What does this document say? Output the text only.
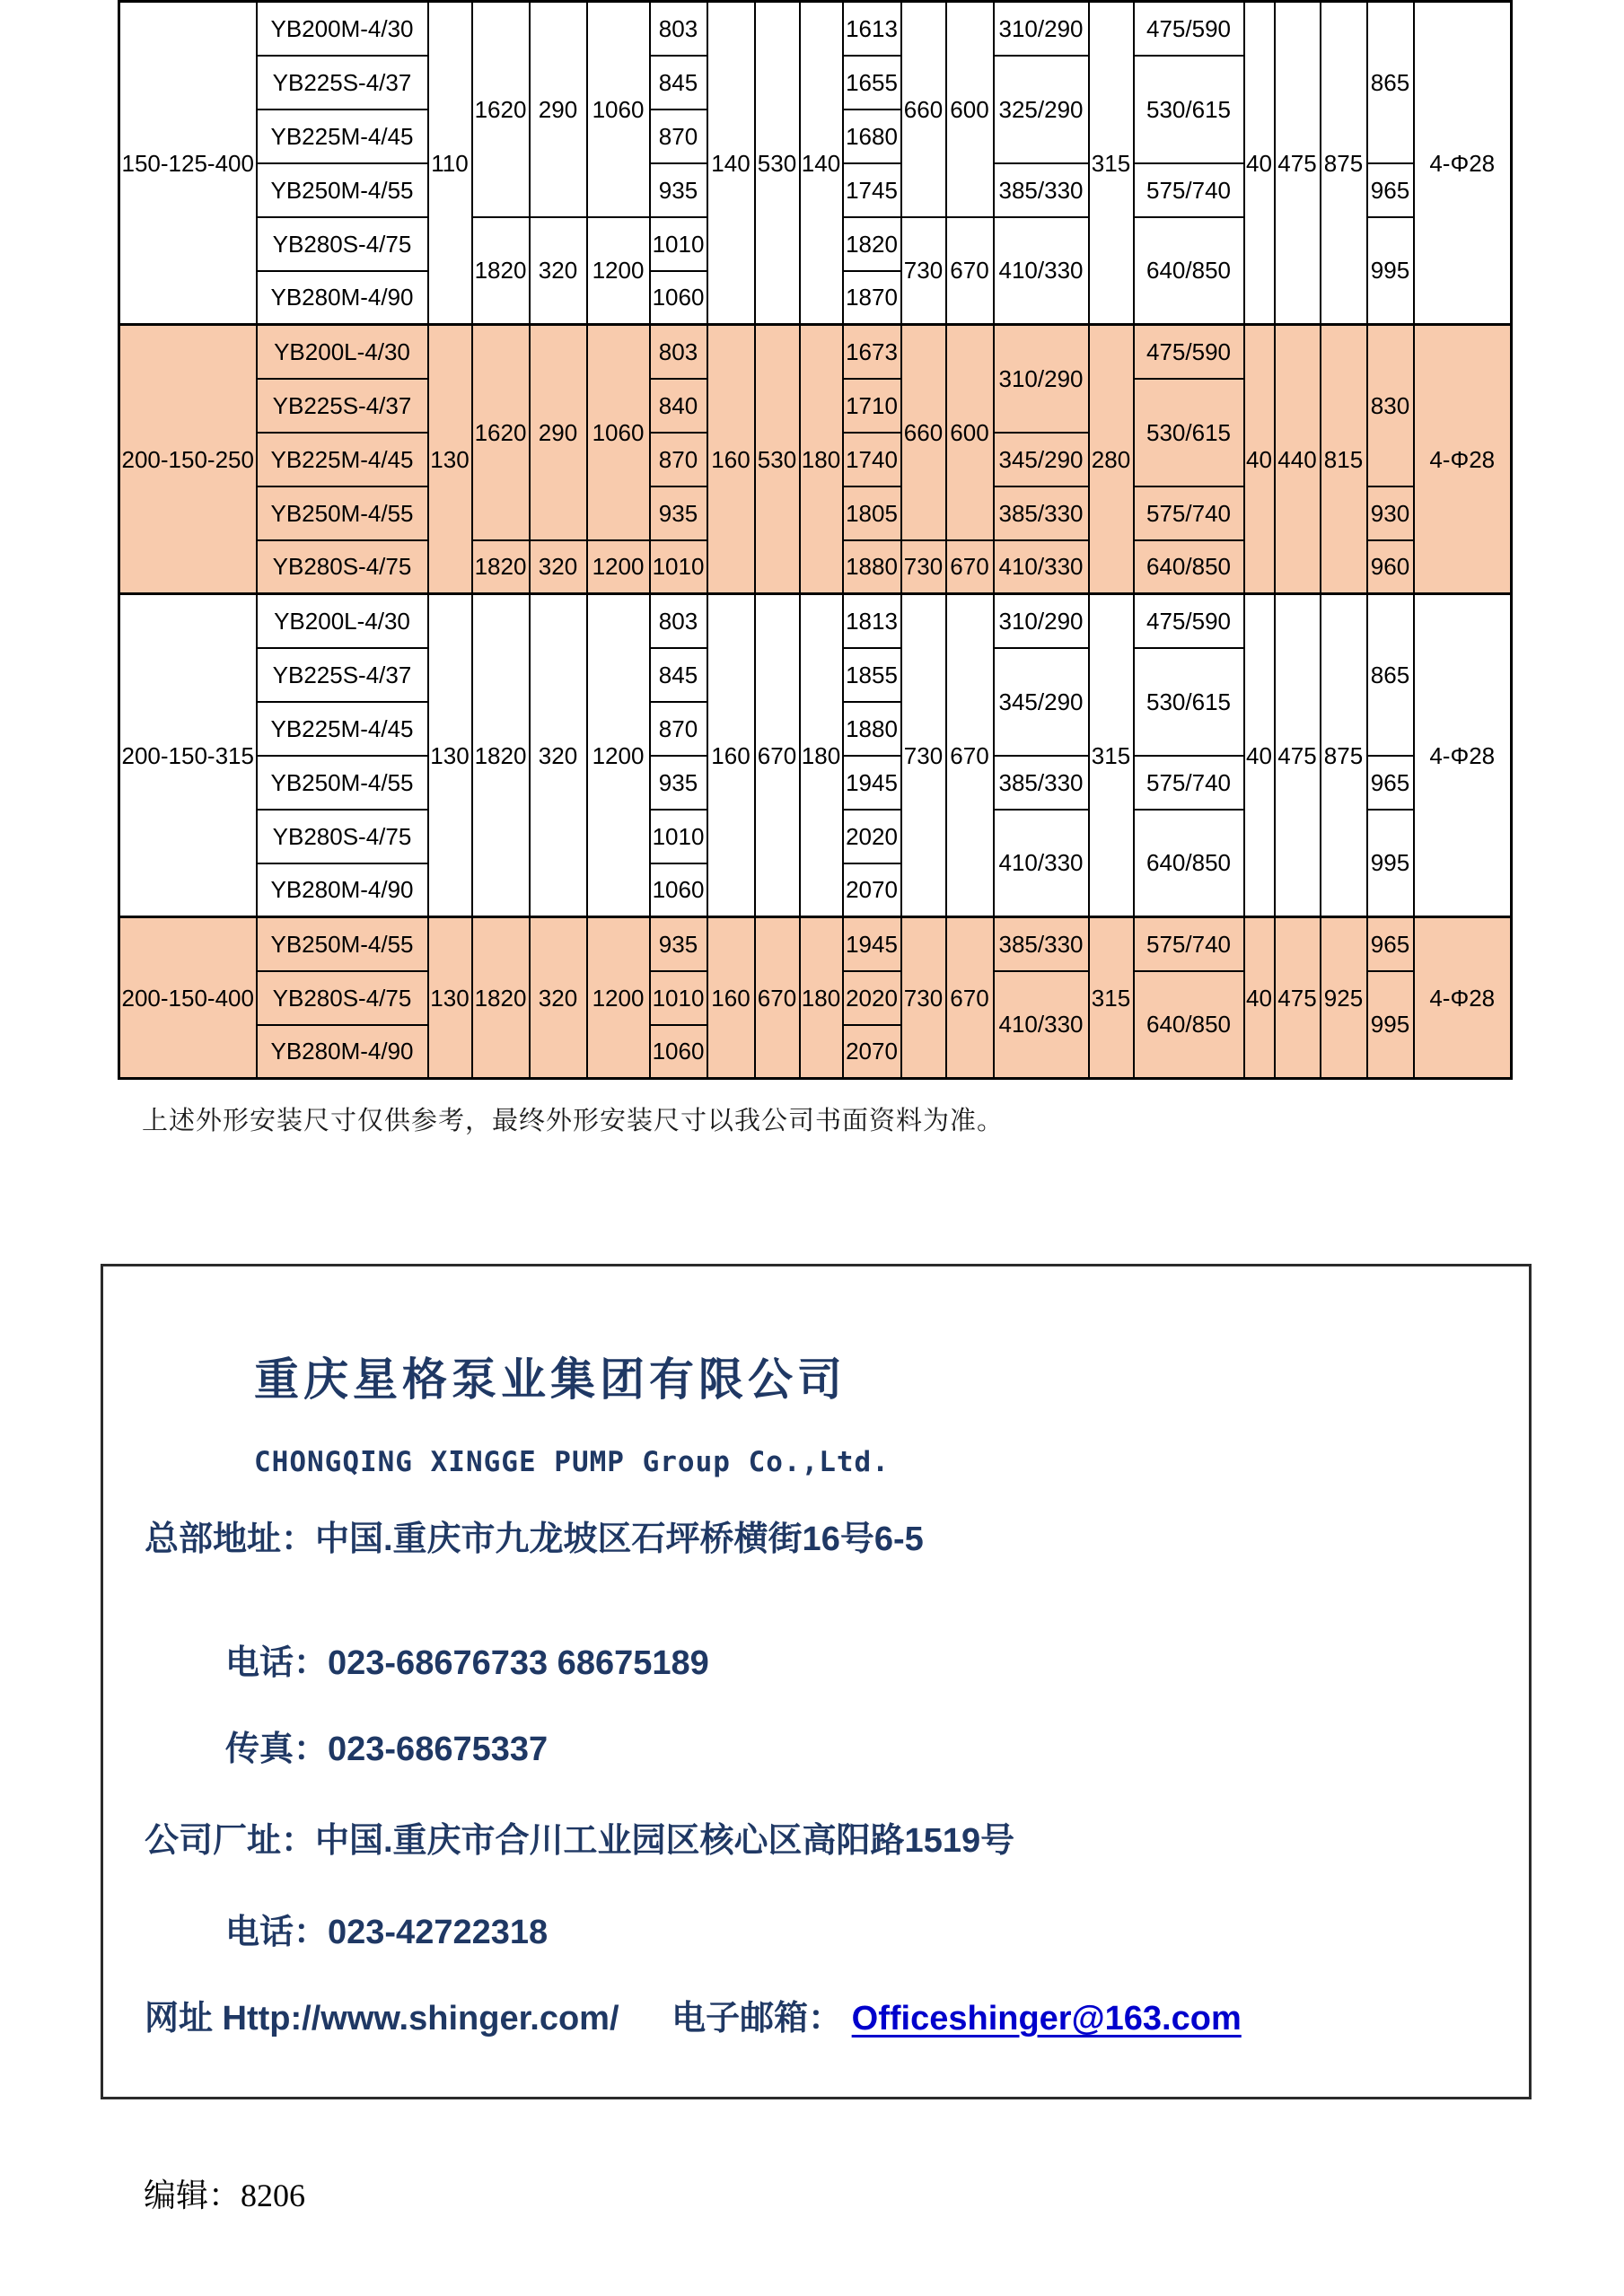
150-125-400	YB200M-4/30	110	1620	290	1060	803	140	530	140	1613	660	600	310/290	315	475/590	40	475	875	865	4-Φ28
	YB225S-4/37					845				1655			325/290		530/615					
	YB225M-4/45					870				1680										
	YB250M-4/55					935				1745			385/330		575/740				965	
	YB280S-4/75		1820	320	1200	1010				1820	730	670	410/330		640/850				995	
	YB280M-4/90					1060				1870										
200-150-250	YB200L-4/30	130	1620	290	1060	803	160	530	180	1673	660	600	310/290	280	475/590	40	440	815	830	4-Φ28
	YB225S-4/37					840				1710					530/615					
	YB225M-4/45					870				1740			345/290							
	YB250M-4/55					935				1805			385/330		575/740				930	
	YB280S-4/75		1820	320	1200	1010				1880	730	670	410/330		640/850				960	
200-150-315	YB200L-4/30	130	1820	320	1200	803	160	670	180	1813	730	670	310/290	315	475/590	40	475	875	865	4-Φ28
	YB225S-4/37					845				1855			345/290		530/615					
	YB225M-4/45					870				1880										
	YB250M-4/55					935				1945			385/330		575/740				965	
	YB280S-4/75					1010				2020			410/330		640/850				995	
	YB280M-4/90					1060				2070										
200-150-400	YB250M-4/55	130	1820	320	1200	935	160	670	180	1945	730	670	385/330	315	575/740	40	475	925	965	4-Φ28
	YB280S-4/75					1010				2020			410/330		640/850				995	
	YB280M-4/90					1060				2070										
上述外形安装尺寸仅供参考，最终外形安装尺寸以我公司书面资料为准。
重庆星格泵业集团有限公司
CHONGQING XINGGE PUMP Group Co.,Ltd.
总部地址：中国.重庆市九龙坡区石坪桥横街16号6-5
电话：023-68676733 68675189
传真：023-68675337
公司厂址：中国.重庆市合川工业园区核心区高阳路1519号
电话：023-42722318
网址 Http://www.shinger.com/ 电子邮箱： Officeshinger@163.com
编辑：8206
